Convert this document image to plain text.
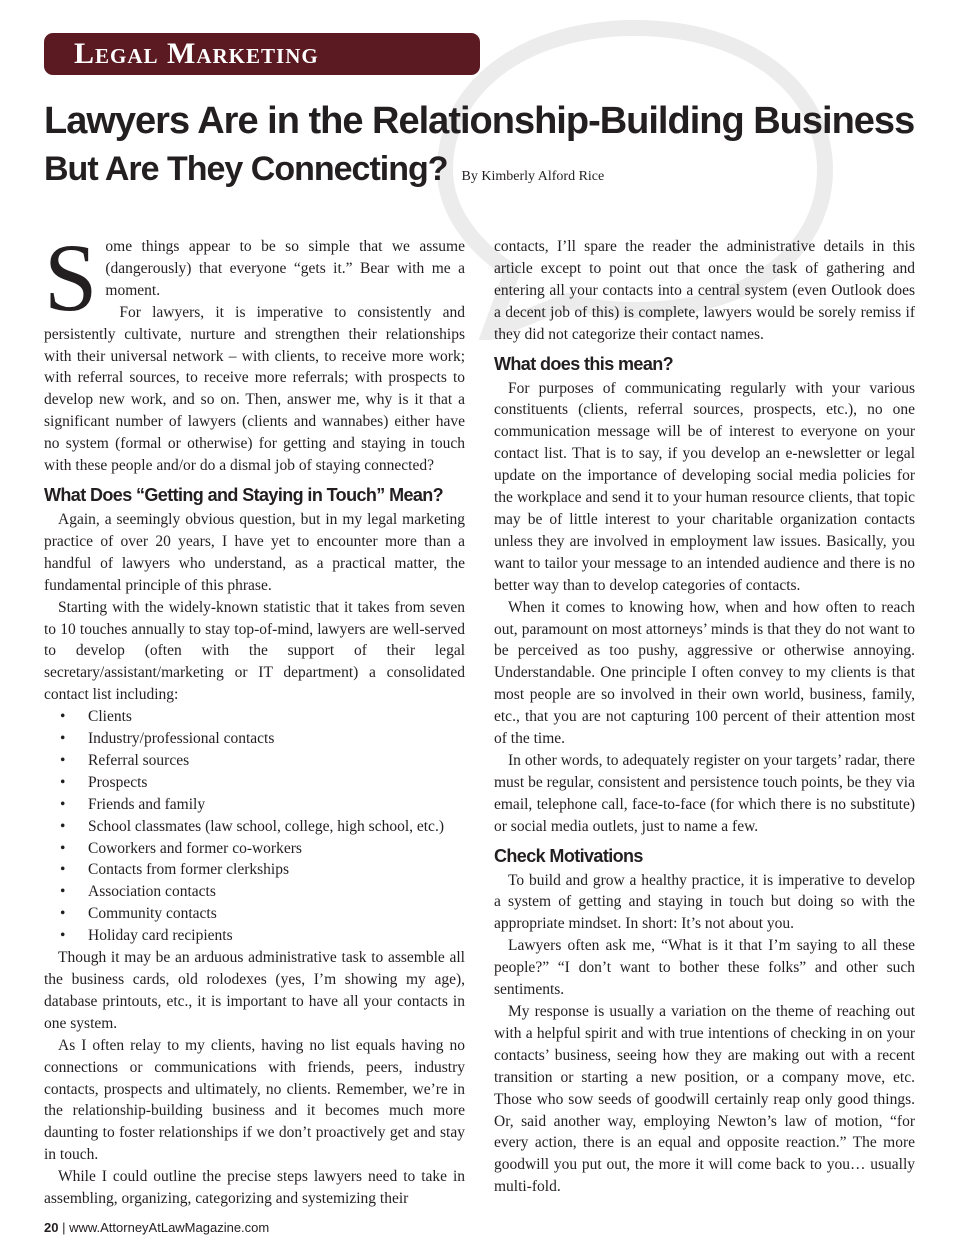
Legal Marketing
Lawyers Are in the Relationship-Building Business
But Are They Connecting? By Kimberly Alford Rice

Some things appear to be so simple that we assume (dangerously) that everyone “gets it.” Bear with me a moment.

For lawyers, it is imperative to consistently and persistently cultivate, nurture and strengthen their relationships with their universal network – with clients, to receive more work; with referral sources, to receive more referrals; with prospects to develop new work, and so on. Then, answer me, why is it that a significant number of lawyers (clients and wannabes) either have no system (formal or otherwise) for getting and staying in touch with these people and/or do a dismal job of staying connected?

What Does “Getting and Staying in Touch” Mean?

Again, a seemingly obvious question, but in my legal marketing practice of over 20 years, I have yet to encounter more than a handful of lawyers who understand, as a practical matter, the fundamental principle of this phrase.

Starting with the widely-known statistic that it takes from seven to 10 touches annually to stay top-of-mind, lawyers are well-served to develop (often with the support of their legal secretary/assistant/marketing or IT department) a consolidated contact list including:

• Clients
• Industry/professional contacts
• Referral sources
• Prospects
• Friends and family
• School classmates (law school, college, high school, etc.)
• Coworkers and former co-workers
• Contacts from former clerkships
• Association contacts
• Community contacts
• Holiday card recipients

Though it may be an arduous administrative task to assemble all the business cards, old rolodexes (yes, I’m showing my age), database printouts, etc., it is important to have all your contacts in one system.

As I often relay to my clients, having no list equals having no connections or communications with friends, peers, industry contacts, prospects and ultimately, no clients. Remember, we’re in the relationship-building business and it becomes much more daunting to foster relationships if we don’t proactively get and stay in touch.

While I could outline the precise steps lawyers need to take in assembling, organizing, categorizing and systemizing their

contacts, I’ll spare the reader the administrative details in this article except to point out that once the task of gathering and entering all your contacts into a central system (even Outlook does a decent job of this) is complete, lawyers would be sorely remiss if they did not categorize their contact names.

What does this mean?

For purposes of communicating regularly with your various constituents (clients, referral sources, prospects, etc.), no one communication message will be of interest to everyone on your contact list. That is to say, if you develop an e-newsletter or legal update on the importance of developing social media policies for the workplace and send it to your human resource clients, that topic may be of little interest to your charitable organization contacts unless they are involved in employment law issues. Basically, you want to tailor your message to an intended audience and there is no better way than to develop categories of contacts.

When it comes to knowing how, when and how often to reach out, paramount on most attorneys’ minds is that they do not want to be perceived as too pushy, aggressive or otherwise annoying. Understandable. One principle I often convey to my clients is that most people are so involved in their own world, business, family, etc., that you are not capturing 100 percent of their attention most of the time.

In other words, to adequately register on your targets’ radar, there must be regular, consistent and persistence touch points, be they via email, telephone call, face-to-face (for which there is no substitute) or social media outlets, just to name a few.

Check Motivations

To build and grow a healthy practice, it is imperative to develop a system of getting and staying in touch but doing so with the appropriate mindset. In short: It’s not about you.

Lawyers often ask me, “What is it that I’m saying to all these people?” “I don’t want to bother these folks” and other such sentiments.

My response is usually a variation on the theme of reaching out with a helpful spirit and with true intentions of checking in on your contacts’ business, seeing how they are making out with a recent transition or starting a new position, or a company move, etc. Those who sow seeds of goodwill certainly reap only good things. Or, said another way, employing Newton’s law of motion, “for every action, there is an equal and opposite reaction.” The more goodwill you put out, the more it will come back to you… usually multi-fold.

20 | www.AttorneyAtLawMagazine.com
